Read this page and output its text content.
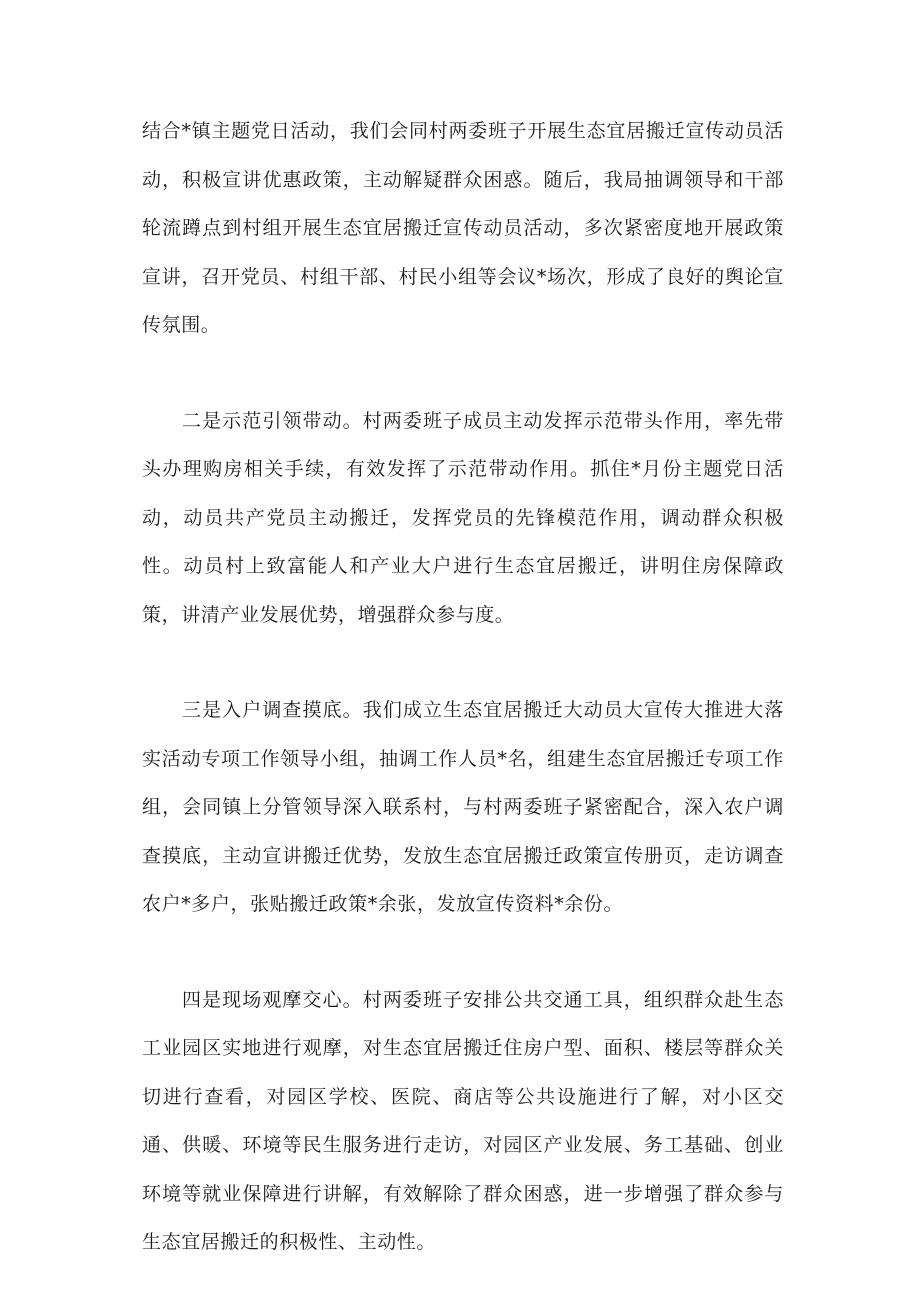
结合*镇主题党日活动，我们会同村两委班子开展生态宜居搬迁宣传动员活动，积极宣讲优惠政策，主动解疑群众困惑。随后，我局抽调领导和干部轮流蹲点到村组开展生态宜居搬迁宣传动员活动，多次紧密度地开展政策宣讲，召开党员、村组干部、村民小组等会议*场次，形成了良好的舆论宣传氛围。

二是示范引领带动。村两委班子成员主动发挥示范带头作用，率先带头办理购房相关手续，有效发挥了示范带动作用。抓住*月份主题党日活动，动员共产党员主动搬迁，发挥党员的先锋模范作用，调动群众积极性。动员村上致富能人和产业大户进行生态宜居搬迁，讲明住房保障政策，讲清产业发展优势，增强群众参与度。

三是入户调查摸底。我们成立生态宜居搬迁大动员大宣传大推进大落实活动专项工作领导小组，抽调工作人员*名，组建生态宜居搬迁专项工作组，会同镇上分管领导深入联系村，与村两委班子紧密配合，深入农户调查摸底，主动宣讲搬迁优势，发放生态宜居搬迁政策宣传册页，走访调查农户*多户，张贴搬迁政策*余张，发放宣传资料*余份。

四是现场观摩交心。村两委班子安排公共交通工具，组织群众赴生态工业园区实地进行观摩，对生态宜居搬迁住房户型、面积、楼层等群众关切进行查看，对园区学校、医院、商店等公共设施进行了解，对小区交通、供暖、环境等民生服务进行走访，对园区产业发展、务工基础、创业环境等就业保障进行讲解，有效解除了群众困惑，进一步增强了群众参与生态宜居搬迁的积极性、主动性。
